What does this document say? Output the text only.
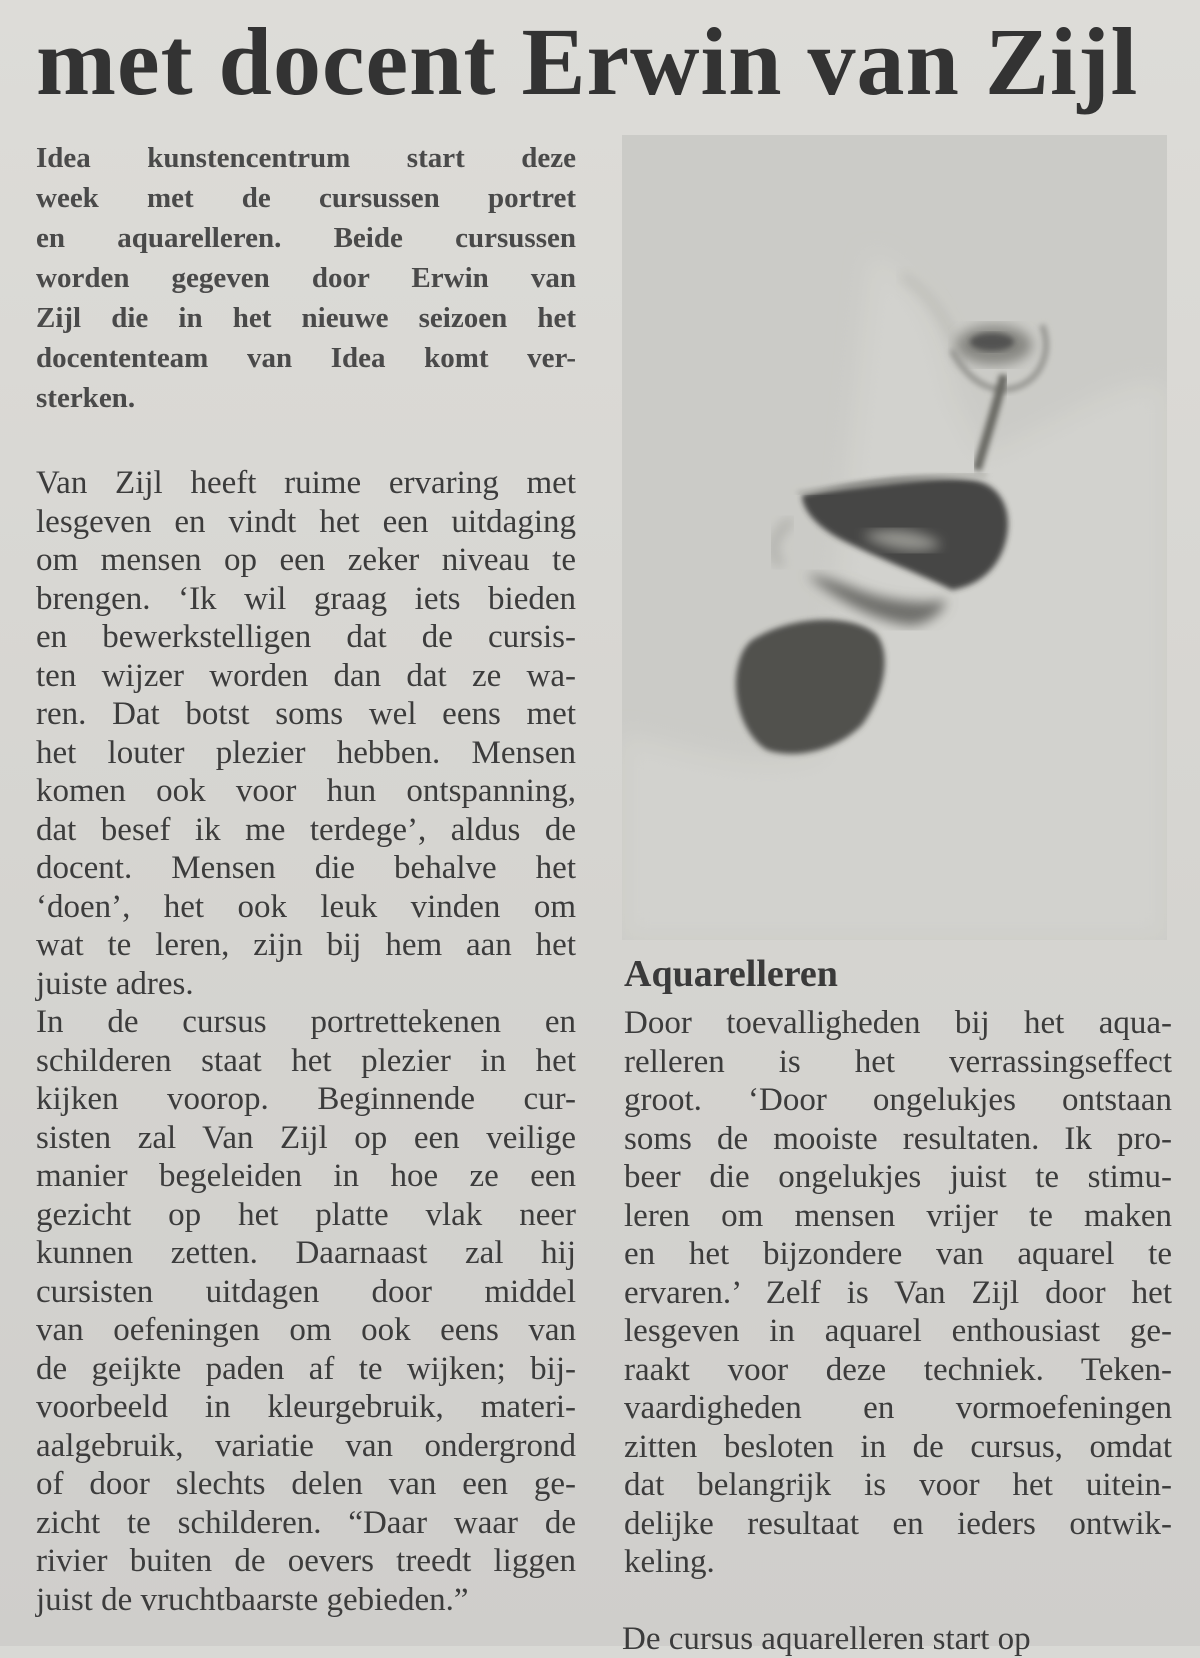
met docent Erwin van Zijl
Idea kunstencentrum start deze
week met de cursussen portret
en aquarelleren. Beide cursussen
worden gegeven door Erwin van
Zijl die in het nieuwe seizoen het
docententeam van Idea komt ver-
sterken.
Van Zijl heeft ruime ervaring met
lesgeven en vindt het een uitdaging
om mensen op een zeker niveau te
brengen. ‘Ik wil graag iets bieden
en bewerkstelligen dat de cursis-
ten wijzer worden dan dat ze wa-
ren. Dat botst soms wel eens met
het louter plezier hebben. Mensen
komen ook voor hun ontspanning,
dat besef ik me terdege’, aldus de
docent. Mensen die behalve het
‘doen’, het ook leuk vinden om
wat te leren, zijn bij hem aan het
juiste adres.
In de cursus portrettekenen en
schilderen staat het plezier in het
kijken voorop. Beginnende cur-
sisten zal Van Zijl op een veilige
manier begeleiden in hoe ze een
gezicht op het platte vlak neer
kunnen zetten. Daarnaast zal hij
cursisten uitdagen door middel
van oefeningen om ook eens van
de geijkte paden af te wijken; bij-
voorbeeld in kleurgebruik, materi-
aalgebruik, variatie van ondergrond
of door slechts delen van een ge-
zicht te schilderen. “Daar waar de
rivier buiten de oevers treedt liggen
juist de vruchtbaarste gebieden.”
Aquarelleren
Door toevalligheden bij het aqua-
relleren is het verrassingseffect
groot. ‘Door ongelukjes ontstaan
soms de mooiste resultaten. Ik pro-
beer die ongelukjes juist te stimu-
leren om mensen vrijer te maken
en het bijzondere van aquarel te
ervaren.’ Zelf is Van Zijl door het
lesgeven in aquarel enthousiast ge-
raakt voor deze techniek. Teken-
vaardigheden en vormoefeningen
zitten besloten in de cursus, omdat
dat belangrijk is voor het uitein-
delijke resultaat en ieders ontwik-
keling.
De cursus aquarelleren start op
